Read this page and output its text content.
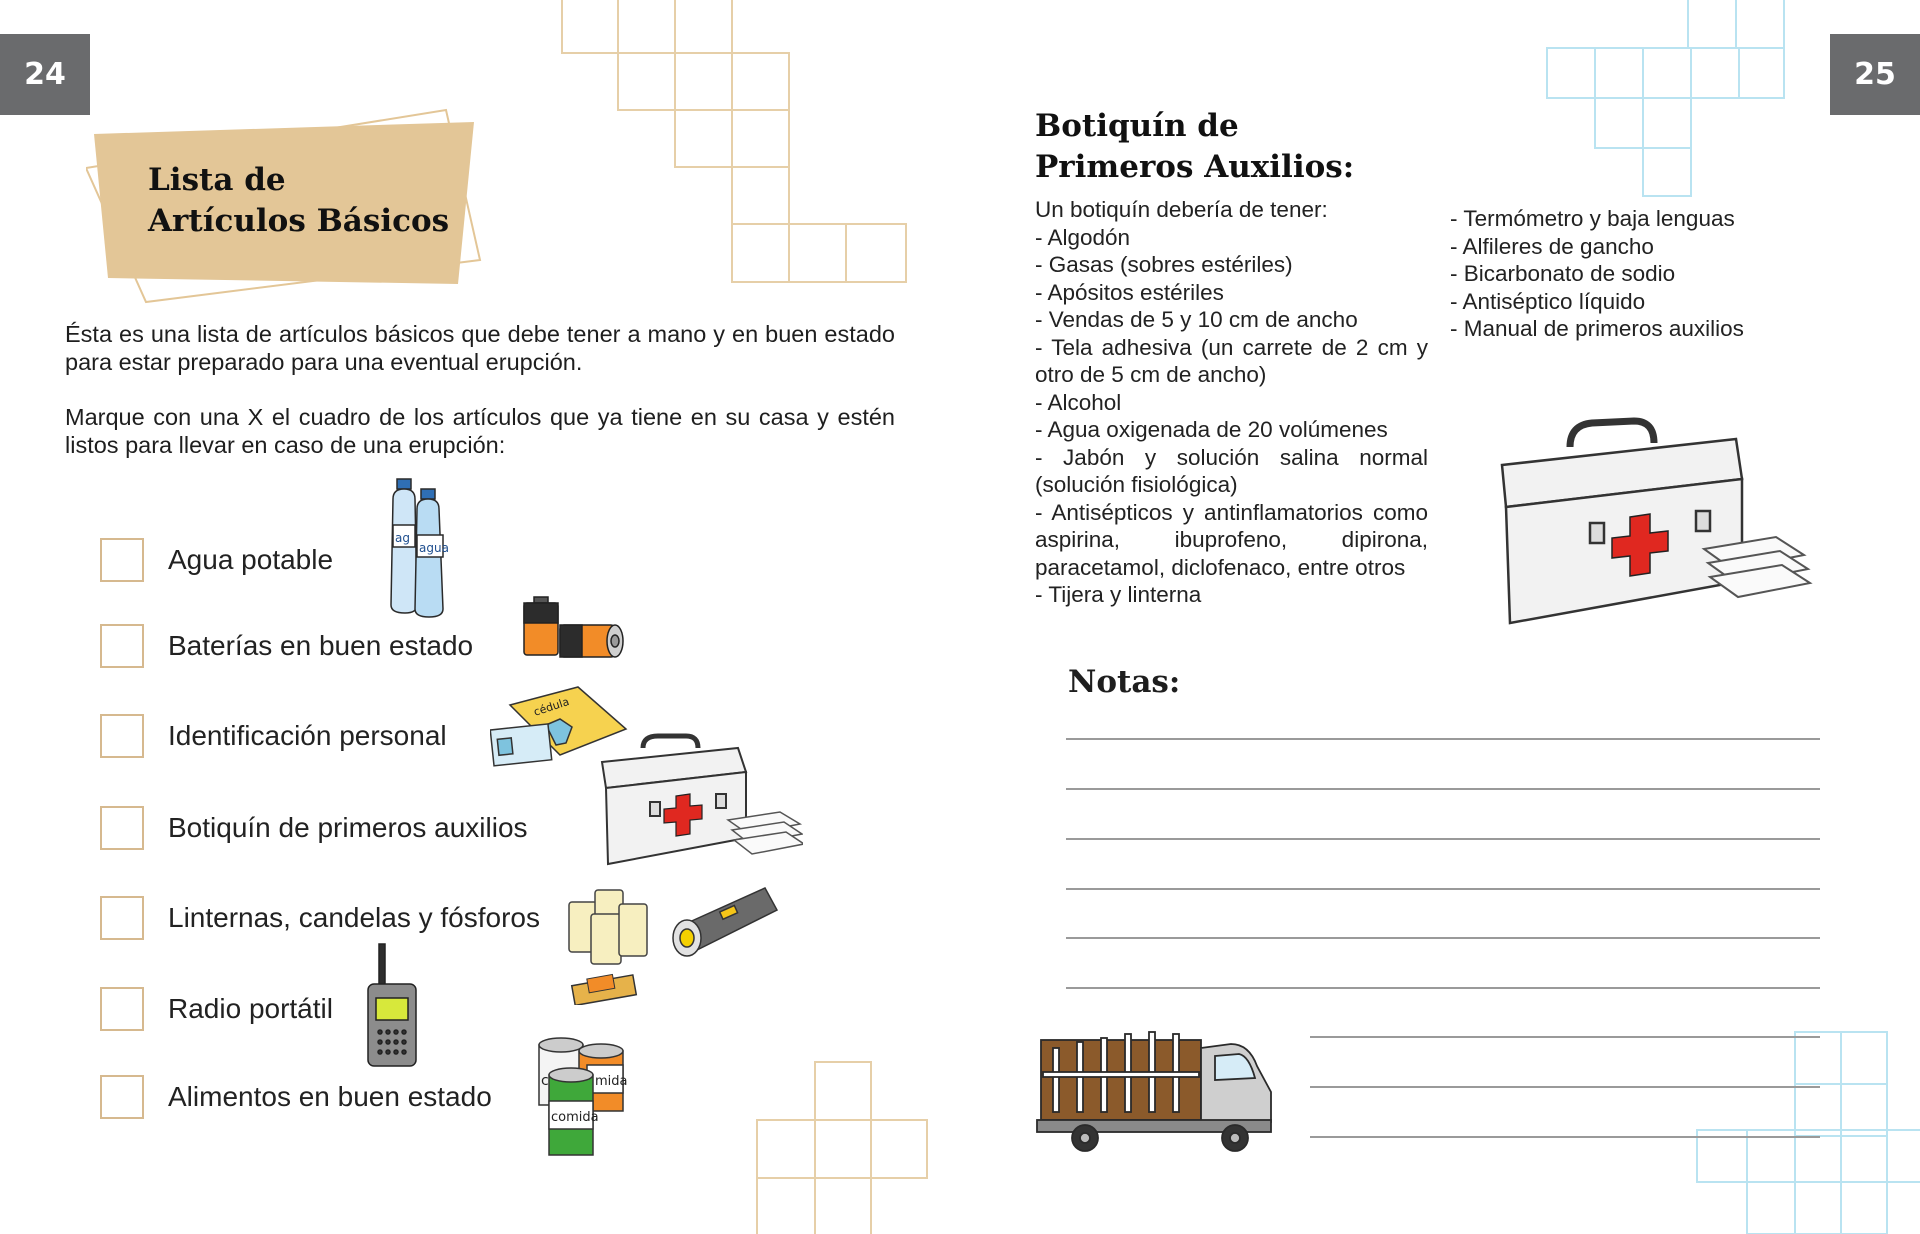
24	25
Lista de
Artículos Básicos
Ésta es una lista de artículos básicos que debe tener a mano y en buen estado para estar preparado para una eventual erupción.
Marque con una X el cuadro de los artículos que ya tiene en su casa y estén listos para llevar en caso de una erupción:
Agua potable
Baterías en buen estado
Identificación personal
Botiquín de primeros auxilios
Linternas, candelas y fósforos
Radio portátil
Alimentos en buen estado
ag
agua
cédula
c	mida
comida
Botiquín de
Primeros Auxilios:
Un botiquín debería de tener:
- Algodón
- Gasas (sobres estériles)
- Apósitos estériles
- Vendas de 5 y 10 cm de ancho
- Tela adhesiva (un carrete de 2 cm y otro de 5 cm de ancho)
- Alcohol
- Agua oxigenada de 20 volúmenes
- Jabón y solución salina normal (solución fisiológica)
- Antisépticos y antinflamatorios como aspirina, ibuprofeno, dipirona, paracetamol, diclofenaco, entre otros
- Tijera y linterna
- Termómetro y baja lenguas
- Alfileres de gancho
- Bicarbonato de sodio
- Antiséptico líquido
- Manual de primeros auxilios
Notas:
